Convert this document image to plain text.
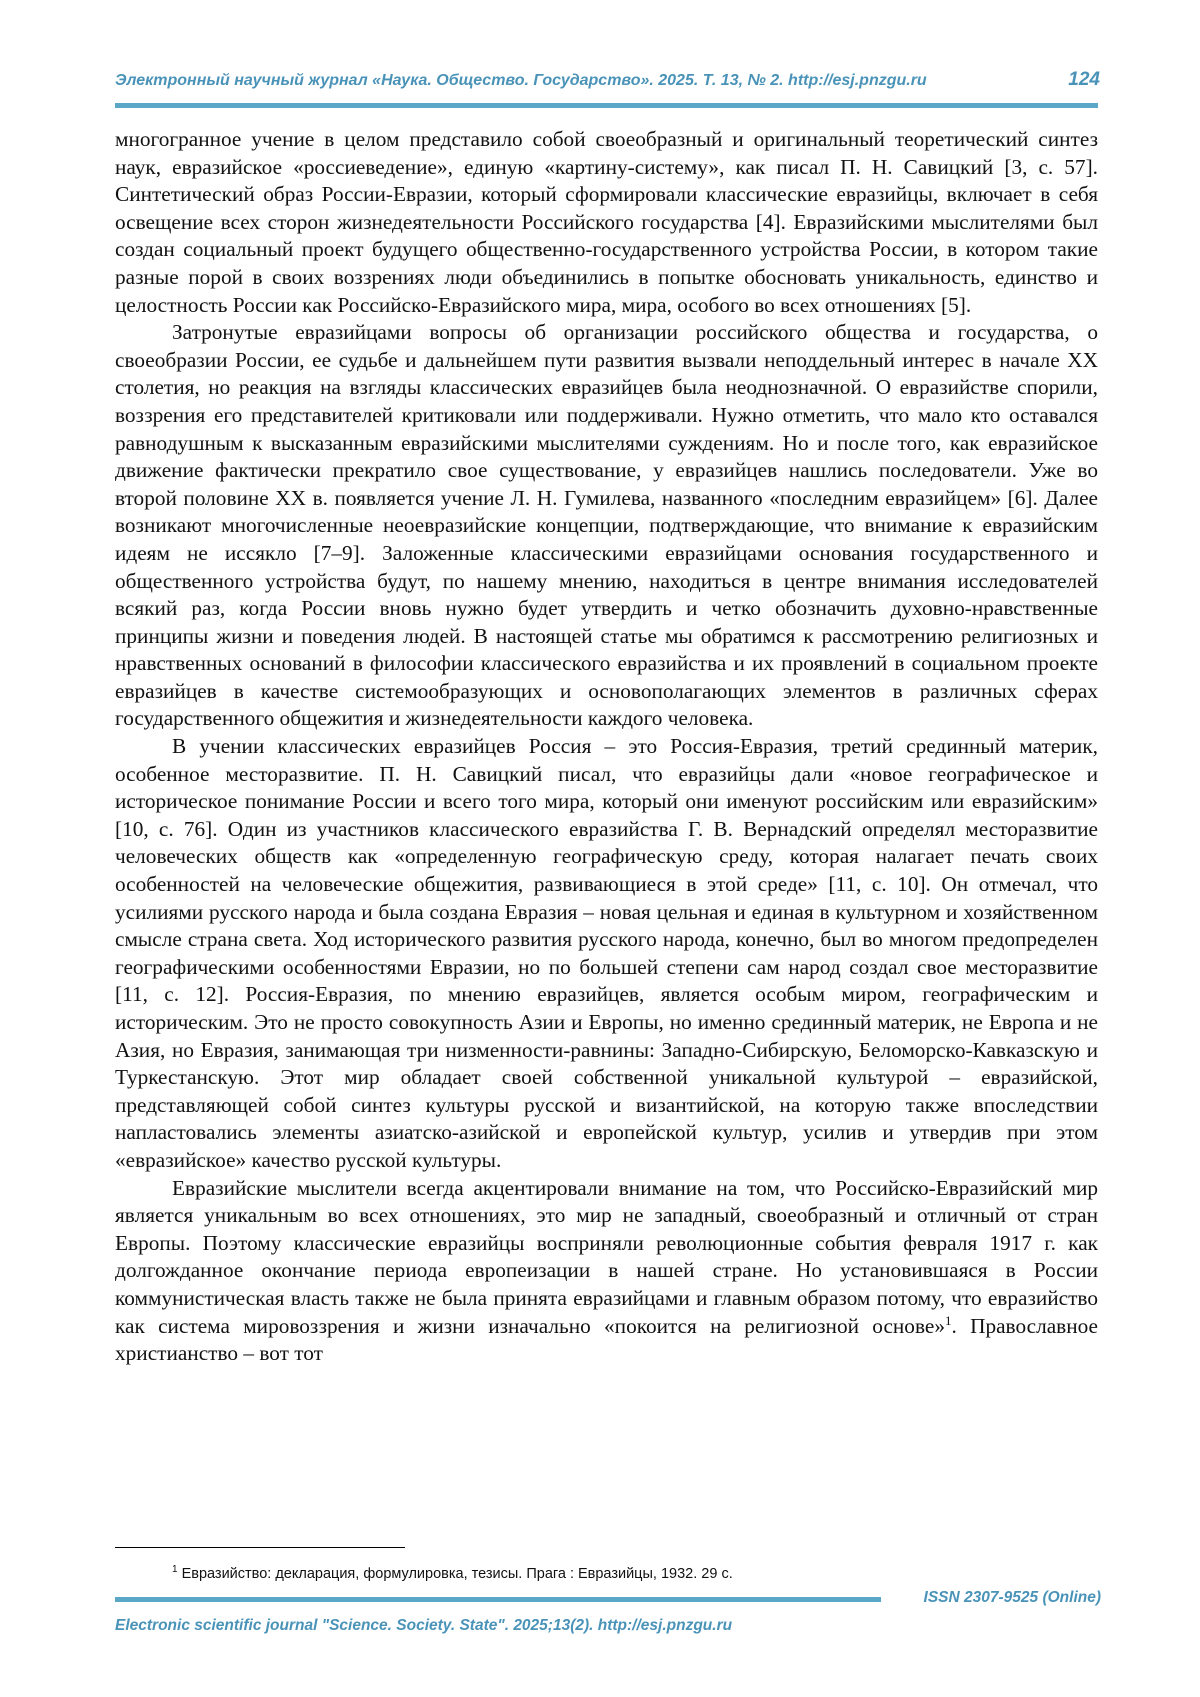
Электронный научный журнал «Наука. Общество. Государство». 2025. Т. 13, № 2. http://esj.pnzgu.ru	124

многогранное учение в целом представило собой своеобразный и оригинальный теоретический синтез наук, евразийское «россиеведение», единую «картину-систему», как писал П. Н. Савицкий [3, с. 57]. Синтетический образ России-Евразии, который сформировали классические евразийцы, включает в себя освещение всех сторон жизнедеятельности Российского государства [4]. Евразийскими мыслителями был создан социальный проект будущего общественно-государственного устройства России, в котором такие разные порой в своих воззрениях люди объединились в попытке обосновать уникальность, единство и целостность России как Российско-Евразийского мира, мира, особого во всех отношениях [5].

Затронутые евразийцами вопросы об организации российского общества и государства, о своеобразии России, ее судьбе и дальнейшем пути развития вызвали неподдельный интерес в начале XX столетия, но реакция на взгляды классических евразийцев была неоднозначной. О евразийстве спорили, воззрения его представителей критиковали или поддерживали. Нужно отметить, что мало кто оставался равнодушным к высказанным евразийскими мыслителями суждениям. Но и после того, как евразийское движение фактически прекратило свое существование, у евразийцев нашлись последователи. Уже во второй половине XX в. появляется учение Л. Н. Гумилева, названного «последним евразийцем» [6]. Далее возникают многочисленные неоевразийские концепции, подтверждающие, что внимание к евразийским идеям не иссякло [7–9]. Заложенные классическими евразийцами основания государственного и общественного устройства будут, по нашему мнению, находиться в центре внимания исследователей всякий раз, когда России вновь нужно будет утвердить и четко обозначить духовно-нравственные принципы жизни и поведения людей. В настоящей статье мы обратимся к рассмотрению религиозных и нравственных оснований в философии классического евразийства и их проявлений в социальном проекте евразийцев в качестве системообразующих и основополагающих элементов в различных сферах государственного общежития и жизнедеятельности каждого человека.

В учении классических евразийцев Россия – это Россия-Евразия, третий срединный материк, особенное месторазвитие. П. Н. Савицкий писал, что евразийцы дали «новое географическое и историческое понимание России и всего того мира, который они именуют российским или евразийским» [10, с. 76]. Один из участников классического евразийства Г. В. Вернадский определял месторазвитие человеческих обществ как «определенную географическую среду, которая налагает печать своих особенностей на человеческие общежития, развивающиеся в этой среде» [11, с. 10]. Он отмечал, что усилиями русского народа и была создана Евразия – новая цельная и единая в культурном и хозяйственном смысле страна света. Ход исторического развития русского народа, конечно, был во многом предопределен географическими особенностями Евразии, но по большей степени сам народ создал свое месторазвитие [11, с. 12]. Россия-Евразия, по мнению евразийцев, является особым миром, географическим и историческим. Это не просто совокупность Азии и Европы, но именно срединный материк, не Европа и не Азия, но Евразия, занимающая три низменности-равнины: Западно-Сибирскую, Беломорско-Кавказскую и Туркестанскую. Этот мир обладает своей собственной уникальной культурой – евразийской, представляющей собой синтез культуры русской и византийской, на которую также впоследствии напластовались элементы азиатско-азийской и европейской культур, усилив и утвердив при этом «евразийское» качество русской культуры.

Евразийские мыслители всегда акцентировали внимание на том, что Российско-Евразийский мир является уникальным во всех отношениях, это мир не западный, своеобразный и отличный от стран Европы. Поэтому классические евразийцы восприняли революционные события февраля 1917 г. как долгожданное окончание периода европеизации в нашей стране. Но установившаяся в России коммунистическая власть также не была принята евразийцами и главным образом потому, что евразийство как система мировоззрения и жизни изначально «покоится на религиозной основе»$^1$. Православное христианство – вот тот

$^1$ Евразийство: декларация, формулировка, тезисы. Прага : Евразийцы, 1932. 29 с.
ISSN 2307-9525 (Online)
Electronic scientific journal "Science. Society. State". 2025;13(2). http://esj.pnzgu.ru
